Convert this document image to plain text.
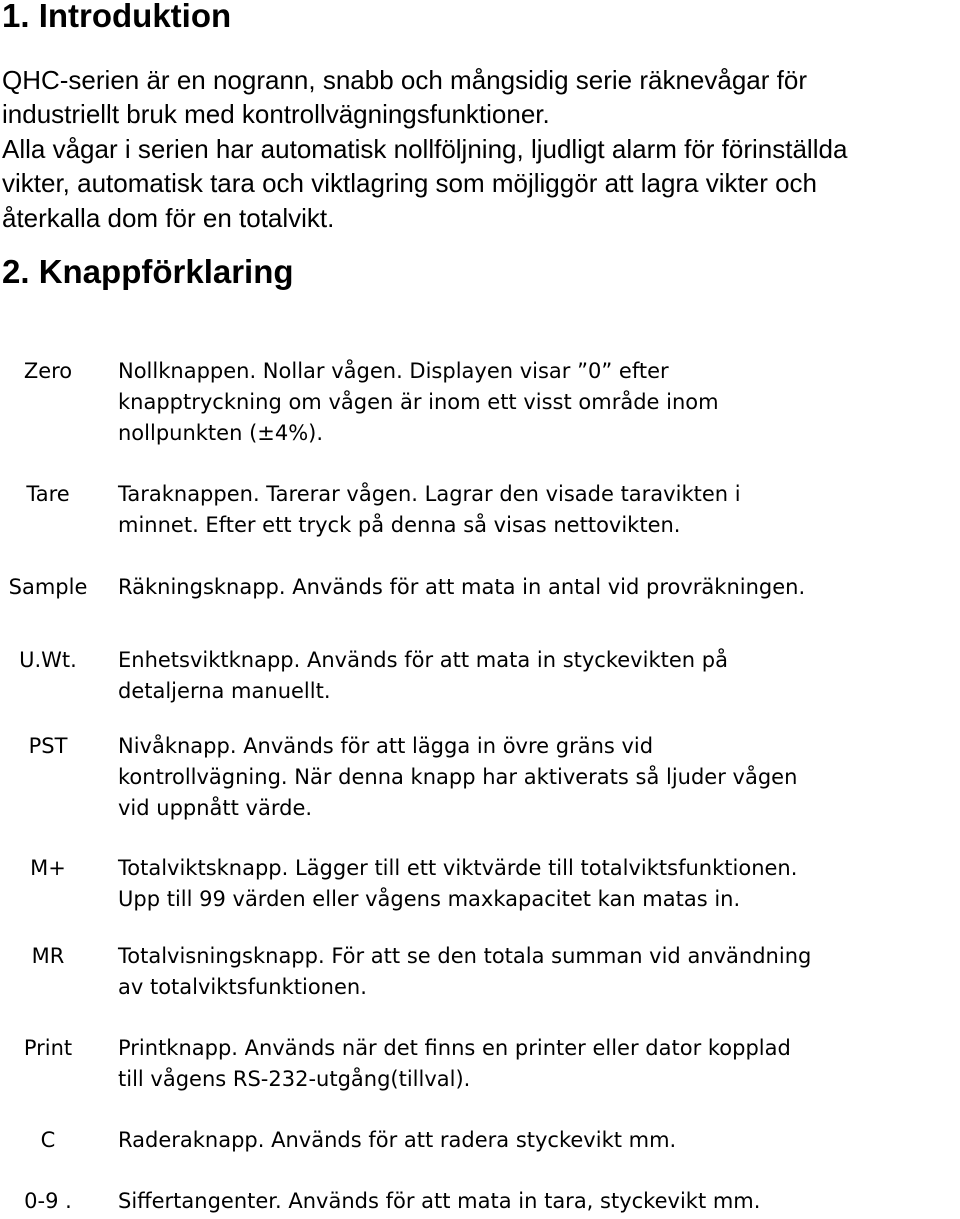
1. Introduktion

QHC-serien är en nogrann, snabb och mångsidig serie räknevågar för

industriellt bruk med kontrollvägningsfunktioner.

Alla vågar i serien har automatisk nollföljning, ljudligt alarm för förinställda

vikter, automatisk tara och viktlagring som möjliggör att lagra vikter och

återkalla dom för en totalvikt.

2. Knappförklaring
Zero	Nollknappen. Nollar vågen. Displayen visar ”0” efter
knapptryckning om vågen är inom ett visst område inom
nollpunkten (±4%).
Tare	Taraknappen. Tarerar vågen. Lagrar den visade taravikten i
minnet. Efter ett tryck på denna så visas nettovikten.
Sample	Räkningsknapp. Används för att mata in antal vid provräkningen.
U.Wt.	Enhetsviktknapp. Används för att mata in styckevikten på
detaljerna manuellt.
PST	Nivåknapp. Används för att lägga in övre gräns vid
kontrollvägning. När denna knapp har aktiverats så ljuder vågen
vid uppnått värde.
M+	Totalviktsknapp. Lägger till ett viktvärde till totalviktsfunktionen.
Upp till 99 värden eller vågens maxkapacitet kan matas in.
MR	Totalvisningsknapp. För att se den totala summan vid användning
av totalviktsfunktionen.
Print	Printknapp. Används när det finns en printer eller dator kopplad
till vågens RS-232-utgång(tillval).
C	Raderaknapp. Används för att radera styckevikt mm.
0-9 .	Siffertangenter. Används för att mata in tara, styckevikt mm.
